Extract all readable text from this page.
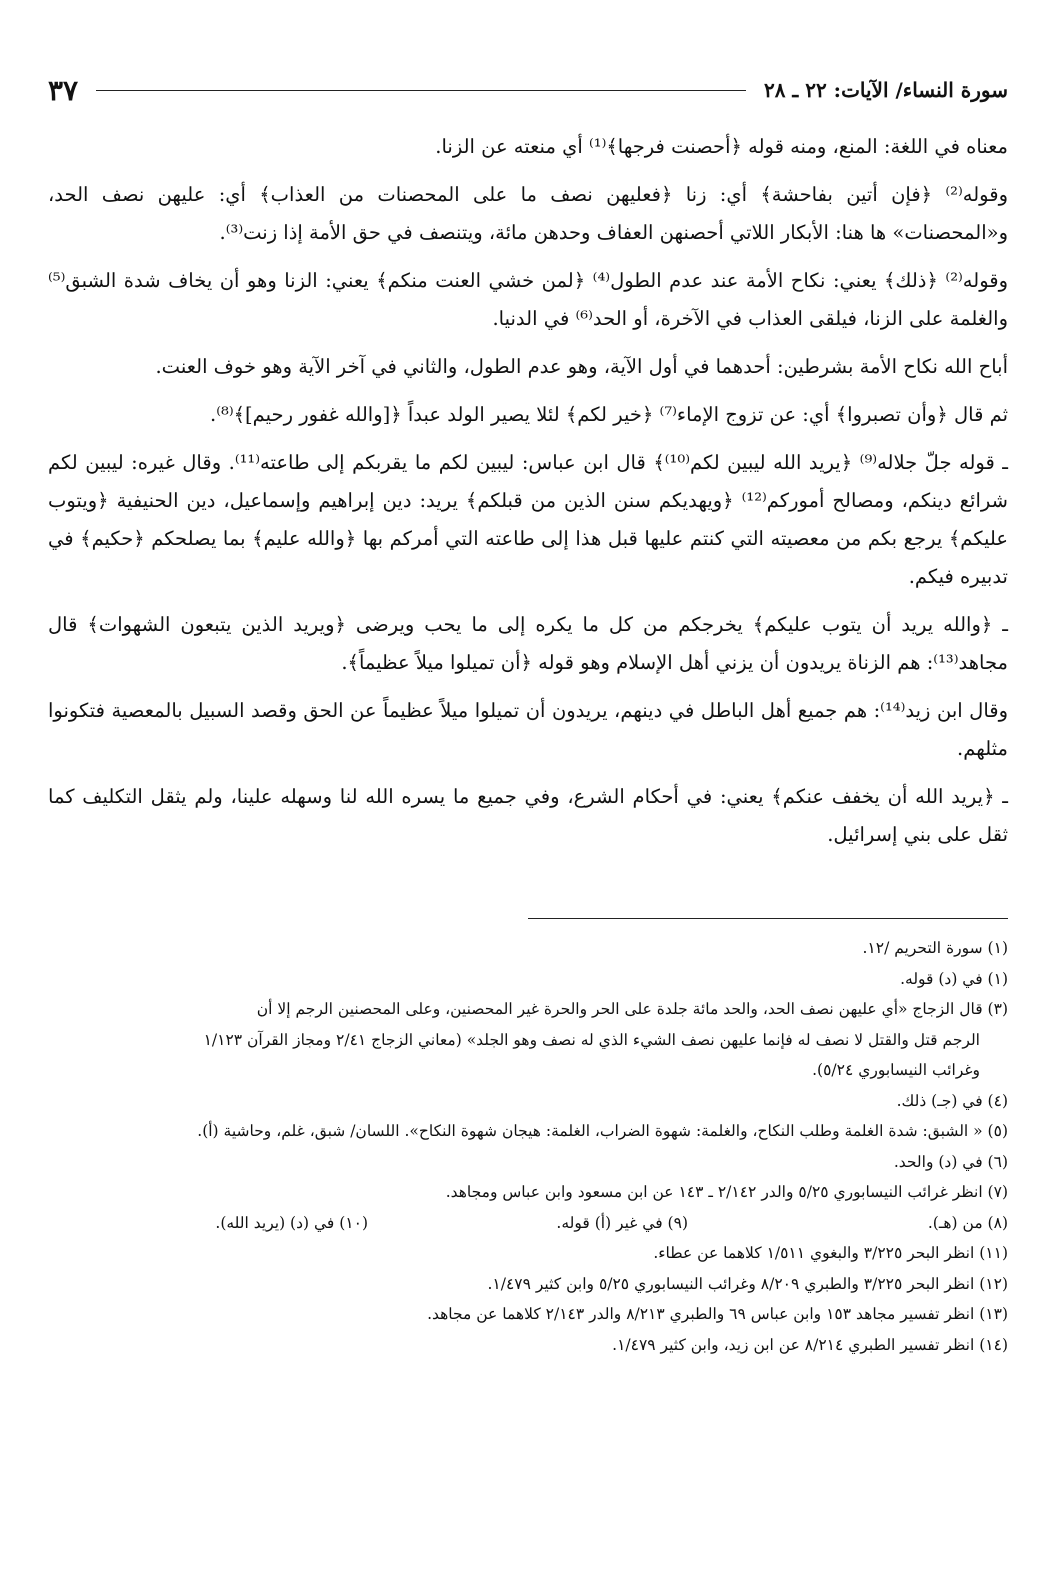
سورة النساء/ الآيات: ٢٢ ـ ٢٨
٣٧

معناه في اللغة: المنع، ومنه قوله ﴿أحصنت فرجها﴾⁽¹⁾ أي منعته عن الزنا.

وقوله⁽²⁾ ﴿فإن أتين بفاحشة﴾ أي: زنا ﴿فعليهن نصف ما على المحصنات من العذاب﴾ أي: عليهن نصف الحد، و«المحصنات» ها هنا: الأبكار اللاتي أحصنهن العفاف وحدهن مائة، ويتنصف في حق الأمة إذا زنت⁽³⁾.

وقوله⁽²⁾ ﴿ذلك﴾ يعني: نكاح الأمة عند عدم الطول⁽⁴⁾ ﴿لمن خشي العنت منكم﴾ يعني: الزنا وهو أن يخاف شدة الشبق⁽⁵⁾ والغلمة على الزنا، فيلقى العذاب في الآخرة، أو الحد⁽⁶⁾ في الدنيا.

أباح الله نكاح الأمة بشرطين: أحدهما في أول الآية، وهو عدم الطول، والثاني في آخر الآية وهو خوف العنت.

ثم قال ﴿وأن تصبروا﴾ أي: عن تزوج الإماء⁽⁷⁾ ﴿خير لكم﴾ لئلا يصير الولد عبداً ﴿[والله غفور رحيم]﴾⁽⁸⁾.

ـ قوله جلّ جلاله⁽⁹⁾ ﴿يريد الله ليبين لكم⁽¹⁰⁾﴾ قال ابن عباس: ليبين لكم ما يقربكم إلى طاعته⁽¹¹⁾. وقال غيره: ليبين لكم شرائع دينكم، ومصالح أموركم⁽¹²⁾ ﴿ويهديكم سنن الذين من قبلكم﴾ يريد: دين إبراهيم وإسماعيل، دين الحنيفية ﴿ويتوب عليكم﴾ يرجع بكم من معصيته التي كنتم عليها قبل هذا إلى طاعته التي أمركم بها ﴿والله عليم﴾ بما يصلحكم ﴿حكيم﴾ في تدبيره فيكم.

ـ ﴿والله يريد أن يتوب عليكم﴾ يخرجكم من كل ما يكره إلى ما يحب ويرضى ﴿ويريد الذين يتبعون الشهوات﴾ قال مجاهد⁽¹³⁾: هم الزناة يريدون أن يزني أهل الإسلام وهو قوله ﴿أن تميلوا ميلاً عظيماً﴾.

وقال ابن زيد⁽¹⁴⁾: هم جميع أهل الباطل في دينهم، يريدون أن تميلوا ميلاً عظيماً عن الحق وقصد السبيل بالمعصية فتكونوا مثلهم.

ـ ﴿يريد الله أن يخفف عنكم﴾ يعني: في أحكام الشرع، وفي جميع ما يسره الله لنا وسهله علينا، ولم يثقل التكليف كما ثقل على بني إسرائيل.

(١) سورة التحريم /١٢.
(١) في (د) قوله.
(٣) قال الزجاج «أي عليهن نصف الحد، والحد مائة جلدة على الحر والحرة غير المحصنين، وعلى المحصنين الرجم إلا أن
الرجم قتل والقتل لا نصف له فإنما عليهن نصف الشيء الذي له نصف وهو الجلد» (معاني الزجاج ٢/٤١ ومجاز القرآن ١/١٢٣
وغرائب النيسابوري ٥/٢٤).
(٤) في (جـ) ذلك.
(٥) « الشبق: شدة الغلمة وطلب النكاح، والغلمة: شهوة الضراب، الغلمة: هيجان شهوة النكاح». اللسان/ شبق، غلم، وحاشية (أ).
(٦) في (د) والحد.
(٧) انظر غرائب النيسابوري ٥/٢٥ والدر ٢/١٤٢ ـ ١٤٣ عن ابن مسعود وابن عباس ومجاهد.
(٨) من (هـ).
(٩) في غير (أ) قوله.
(١٠) في (د) (يريد الله).
(١١) انظر البحر ٣/٢٢٥ والبغوي ١/٥١١ كلاهما عن عطاء.
(١٢) انظر البحر ٣/٢٢٥ والطبري ٨/٢٠٩ وغرائب النيسابوري ٥/٢٥ وابن كثير ١/٤٧٩.
(١٣) انظر تفسير مجاهد ١٥٣ وابن عباس ٦٩ والطبري ٨/٢١٣ والدر ٢/١٤٣ كلاهما عن مجاهد.
(١٤) انظر تفسير الطبري ٨/٢١٤ عن ابن زيد، وابن كثير ١/٤٧٩.
